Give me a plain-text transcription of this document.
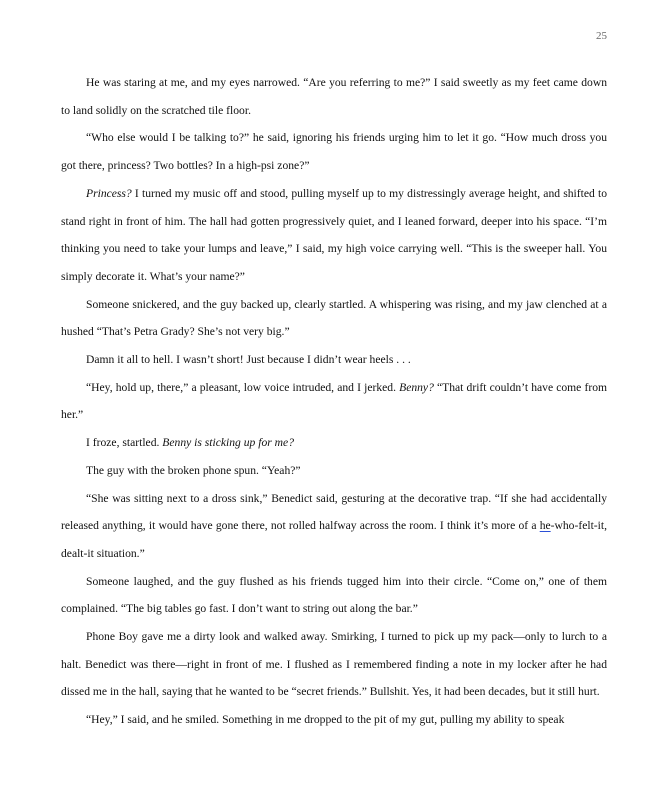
25

He was staring at me, and my eyes narrowed. “Are you referring to me?” I said sweetly as my feet came down to land solidly on the scratched tile floor.

“Who else would I be talking to?” he said, ignoring his friends urging him to let it go. “How much dross you got there, princess? Two bottles? In a high-psi zone?”

Princess? I turned my music off and stood, pulling myself up to my distressingly average height, and shifted to stand right in front of him. The hall had gotten progressively quiet, and I leaned forward, deeper into his space. “I’m thinking you need to take your lumps and leave,” I said, my high voice carrying well. “This is the sweeper hall. You simply decorate it. What’s your name?”

Someone snickered, and the guy backed up, clearly startled. A whispering was rising, and my jaw clenched at a hushed “That’s Petra Grady? She’s not very big.”

Damn it all to hell. I wasn’t short! Just because I didn’t wear heels . . .

“Hey, hold up, there,” a pleasant, low voice intruded, and I jerked. Benny? “That drift couldn’t have come from her.”

I froze, startled. Benny is sticking up for me?

The guy with the broken phone spun. “Yeah?”

“She was sitting next to a dross sink,” Benedict said, gesturing at the decorative trap. “If she had accidentally released anything, it would have gone there, not rolled halfway across the room. I think it’s more of a he-who-felt-it, dealt-it situation.”

Someone laughed, and the guy flushed as his friends tugged him into their circle. “Come on,” one of them complained. “The big tables go fast. I don’t want to string out along the bar.”

Phone Boy gave me a dirty look and walked away. Smirking, I turned to pick up my pack—only to lurch to a halt. Benedict was there—right in front of me. I flushed as I remembered finding a note in my locker after he had dissed me in the hall, saying that he wanted to be “secret friends.” Bullshit. Yes, it had been decades, but it still hurt.

“Hey,” I said, and he smiled. Something in me dropped to the pit of my gut, pulling my ability to speak
